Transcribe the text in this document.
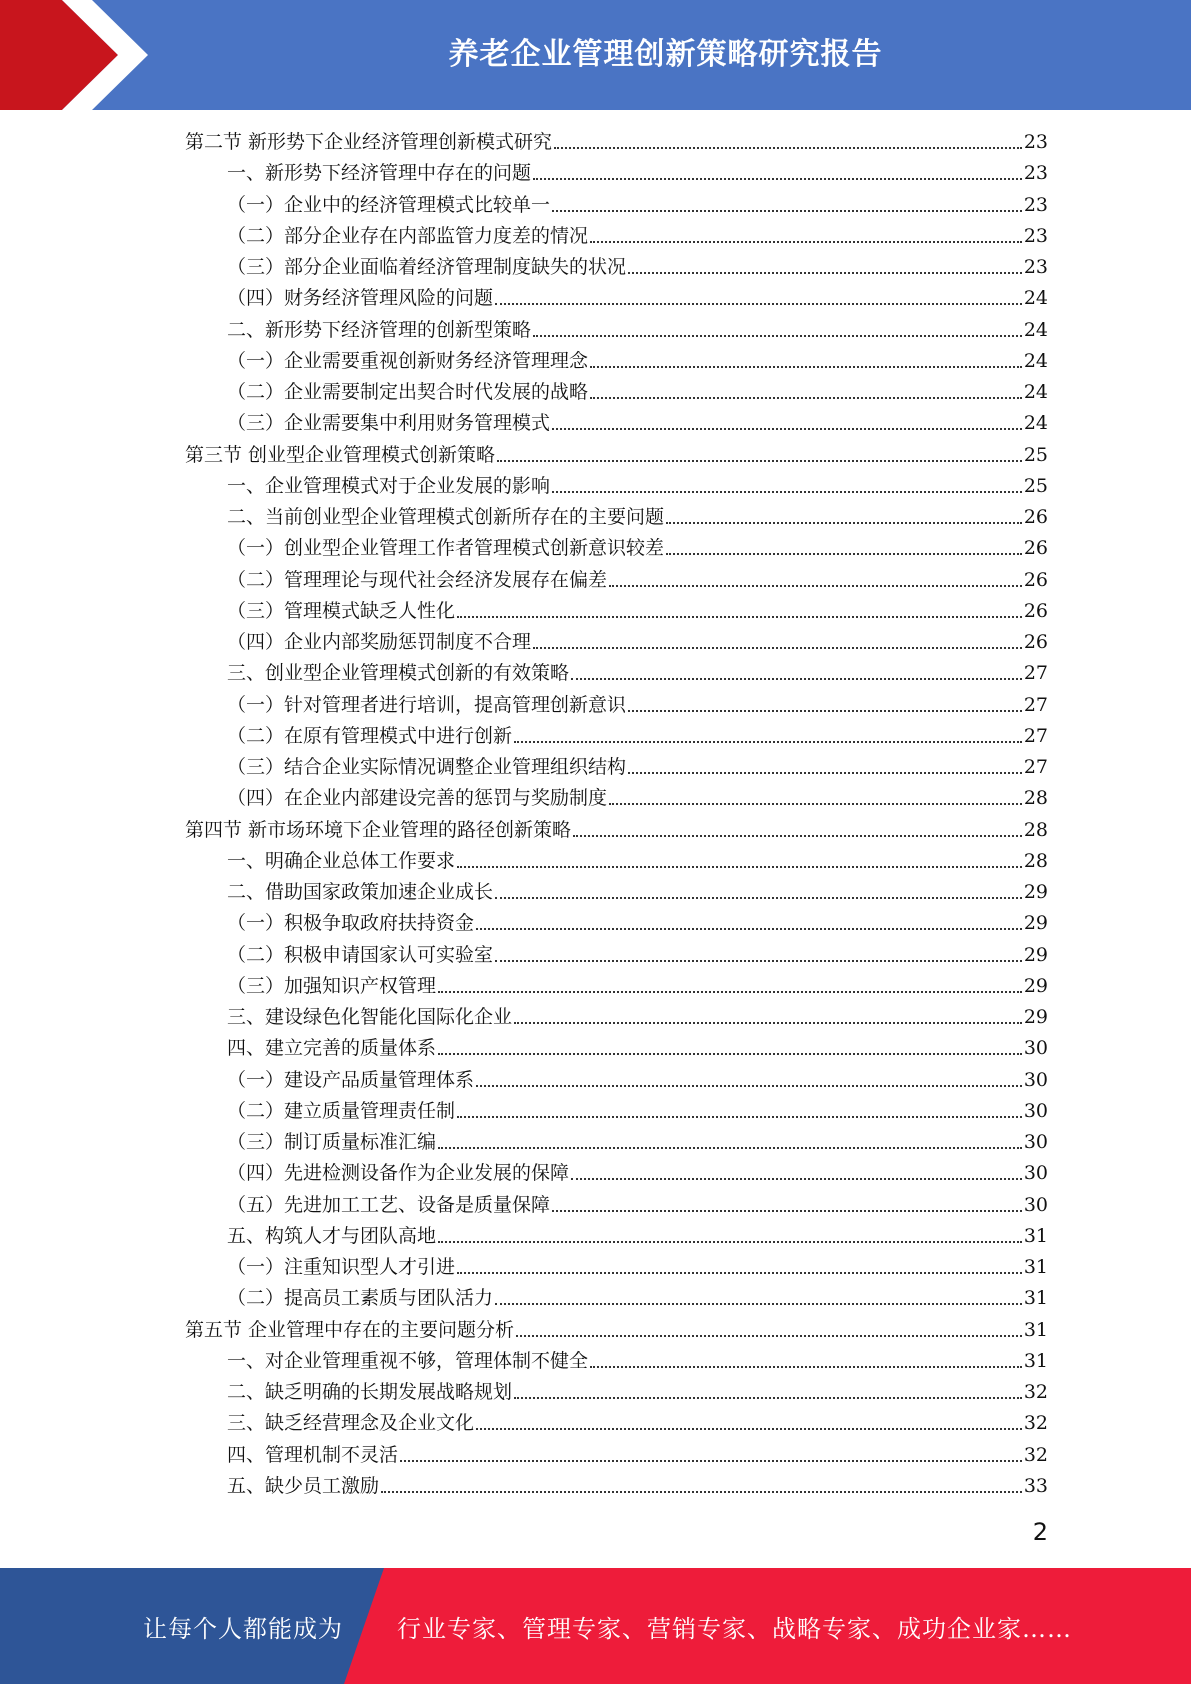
养老企业管理创新策略研究报告
第二节 新形势下企业经济管理创新模式研究	23
一、新形势下经济管理中存在的问题	23
（一）企业中的经济管理模式比较单一	23
（二）部分企业存在内部监管力度差的情况	23
（三）部分企业面临着经济管理制度缺失的状况	23
（四）财务经济管理风险的问题	24
二、新形势下经济管理的创新型策略	24
（一）企业需要重视创新财务经济管理理念	24
（二）企业需要制定出契合时代发展的战略	24
（三）企业需要集中利用财务管理模式	24
第三节 创业型企业管理模式创新策略	25
一、企业管理模式对于企业发展的影响	25
二、当前创业型企业管理模式创新所存在的主要问题	26
（一）创业型企业管理工作者管理模式创新意识较差	26
（二）管理理论与现代社会经济发展存在偏差	26
（三）管理模式缺乏人性化	26
（四）企业内部奖励惩罚制度不合理	26
三、创业型企业管理模式创新的有效策略	27
（一）针对管理者进行培训，提高管理创新意识	27
（二）在原有管理模式中进行创新	27
（三）结合企业实际情况调整企业管理组织结构	27
（四）在企业内部建设完善的惩罚与奖励制度	28
第四节 新市场环境下企业管理的路径创新策略	28
一、明确企业总体工作要求	28
二、借助国家政策加速企业成长	29
（一）积极争取政府扶持资金	29
（二）积极申请国家认可实验室	29
（三）加强知识产权管理	29
三、建设绿色化智能化国际化企业	29
四、建立完善的质量体系	30
（一）建设产品质量管理体系	30
（二）建立质量管理责任制	30
（三）制订质量标准汇编	30
（四）先进检测设备作为企业发展的保障	30
（五）先进加工工艺、设备是质量保障	30
五、构筑人才与团队高地	31
（一）注重知识型人才引进	31
（二）提高员工素质与团队活力	31
第五节 企业管理中存在的主要问题分析	31
一、对企业管理重视不够，管理体制不健全	31
二、缺乏明确的长期发展战略规划	32
三、缺乏经营理念及企业文化	32
四、管理机制不灵活	32
五、缺少员工激励	33
2
让每个人都能成为 行业专家、管理专家、营销专家、战略专家、成功企业家……
